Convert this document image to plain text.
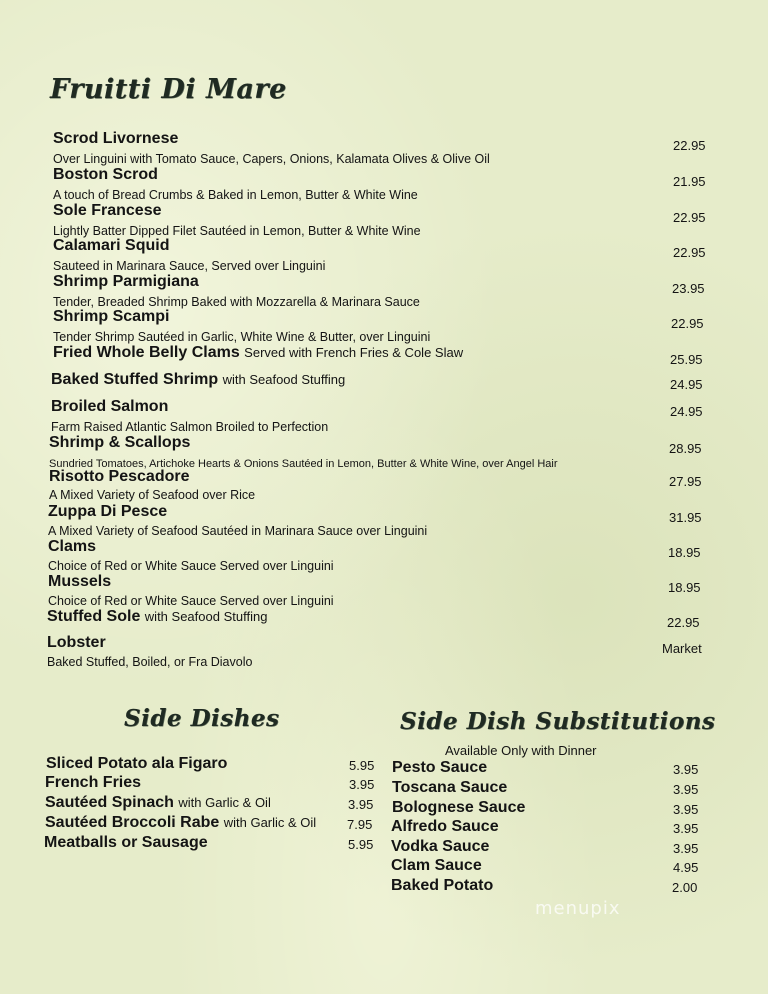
Fruitti Di Mare
Scrod Livornese
Over Linguini with Tomato Sauce, Capers, Onions, Kalamata Olives & Olive Oil
22.95
Boston Scrod
A touch of Bread Crumbs & Baked in Lemon, Butter & White Wine
21.95
Sole Francese
Lightly Batter Dipped Filet Sautéed in Lemon, Butter & White Wine
22.95
Calamari Squid
Sauteed in Marinara Sauce, Served over Linguini
22.95
Shrimp Parmigiana
Tender, Breaded Shrimp Baked with Mozzarella & Marinara Sauce
23.95
Shrimp Scampi
Tender Shrimp Sautéed in Garlic, White Wine & Butter, over Linguini
22.95
Fried Whole Belly Clams Served with French Fries & Cole Slaw	25.95
Baked Stuffed Shrimp with Seafood Stuffing	24.95
Broiled Salmon
Farm Raised Atlantic Salmon Broiled to Perfection
24.95
Shrimp & Scallops
Sundried Tomatoes, Artichoke Hearts & Onions Sautéed in Lemon, Butter & White Wine, over Angel Hair
28.95
Risotto Pescadore
A Mixed Variety of Seafood over Rice
27.95
Zuppa Di Pesce
A Mixed Variety of Seafood Sautéed in Marinara Sauce over Linguini
31.95
Clams
Choice of Red or White Sauce Served over Linguini
18.95
Mussels
Choice of Red or White Sauce Served over Linguini
18.95
Stuffed Sole with Seafood Stuffing	22.95
Lobster
Baked Stuffed, Boiled, or Fra Diavolo
Market
Side Dishes	Side Dish Substitutions
Available Only with Dinner
Sliced Potato ala Figaro	5.95
French Fries	3.95
Sautéed Spinach with Garlic & Oil	3.95
Sautéed Broccoli Rabe with Garlic & Oil 7.95
Meatballs or Sausage	5.95
Pesto Sauce	3.95
Toscana Sauce	3.95
Bolognese Sauce	3.95
Alfredo Sauce	3.95
Vodka Sauce	3.95
Clam Sauce	4.95
Baked Potato	2.00
menupix
